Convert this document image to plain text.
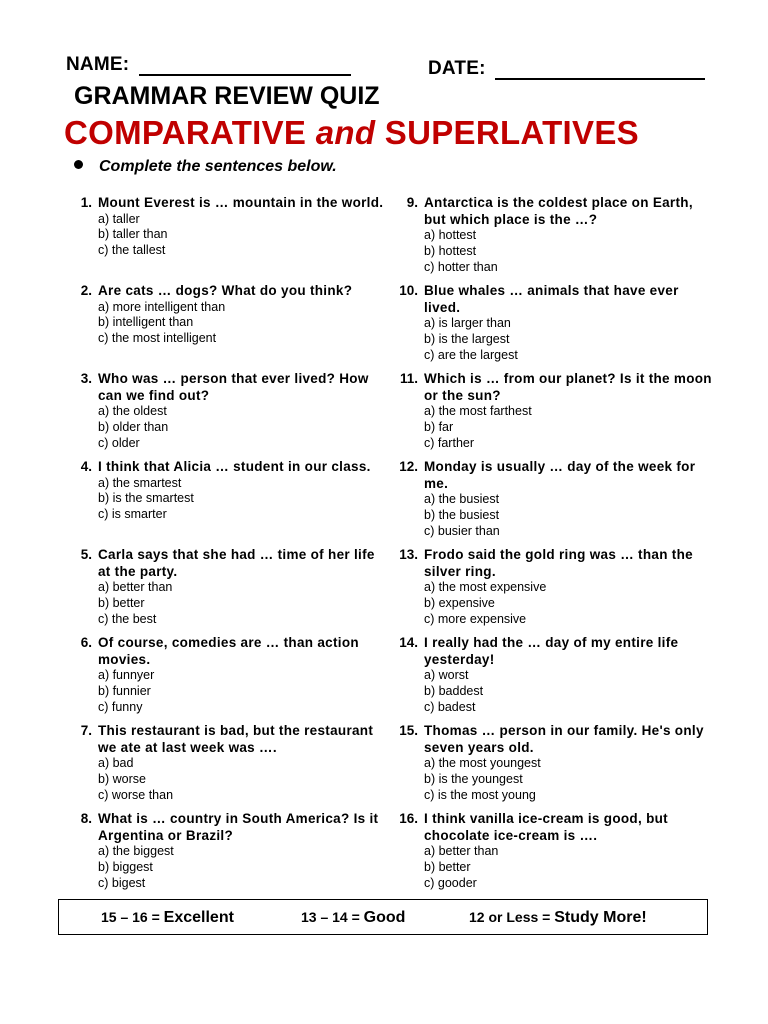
NAME:	DATE:
GRAMMAR REVIEW QUIZ
COMPARATIVE and SUPERLATIVES
Complete the sentences below.
1. Mount Everest is … mountain in the world.
a) taller
b) taller than
c) the tallest
2. Are cats … dogs? What do you think?
a) more intelligent than
b) intelligent than
c) the most intelligent
3. Who was … person that ever lived? How can we find out?
a) the oldest
b) older than
c) older
4. I think that Alicia … student in our class.
a) the smartest
b) is the smartest
c) is smarter
5. Carla says that she had … time of her life at the party.
a) better than
b) better
c) the best
6. Of course, comedies are … than action movies.
a) funnyer
b) funnier
c) funny
7. This restaurant is bad, but the restaurant we ate at last week was ….
a) bad
b) worse
c) worse than
8. What is … country in South America? Is it Argentina or Brazil?
a) the biggest
b) biggest
c) bigest
9. Antarctica is the coldest place on Earth, but which place is the …?
a) hottest
b) hottest
c) hotter than
10. Blue whales … animals that have ever lived.
a) is larger than
b) is the largest
c) are the largest
11. Which is … from our planet? Is it the moon or the sun?
a) the most farthest
b) far
c) farther
12. Monday is usually … day of the week for me.
a) the busiest
b) the busiest
c) busier than
13. Frodo said the gold ring was … than the silver ring.
a) the most expensive
b) expensive
c) more expensive
14. I really had the … day of my entire life yesterday!
a) worst
b) baddest
c) badest
15. Thomas … person in our family. He's only seven years old.
a) the most youngest
b) is the youngest
c) is the most young
16. I think vanilla ice-cream is good, but chocolate ice-cream is ….
a) better than
b) better
c) gooder
15 – 16 = Excellent	13 – 14 = Good	12 or Less = Study More!
